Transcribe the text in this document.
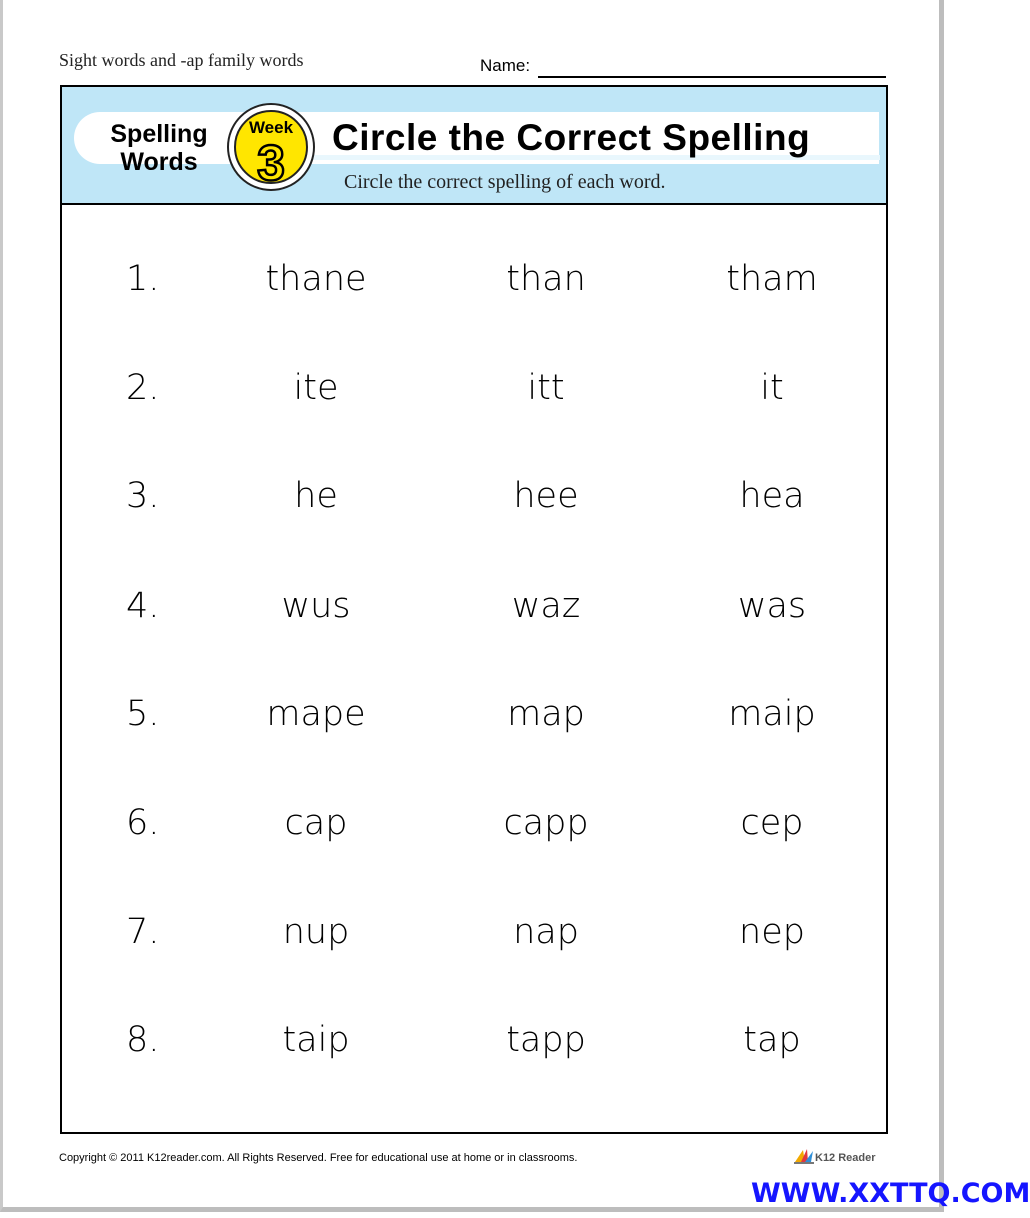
Sight words and -ap family words	Name:
Spelling Words
Week
3 Circle the Correct Spelling
Circle the correct spelling of each word.
1.	thane	than	tham
2.	ite	itt	it
3.	he	hee	hea
4.	wus	waz	was
5.	mape	map	maip
6.	cap	capp	cep
7.	nup	nap	nep
8.	taip	tapp	tap
Copyright © 2011 K12reader.com. All Rights Reserved. Free for educational use at home or in classrooms.	K12 Reader
WWW.XXTTQ.COM
